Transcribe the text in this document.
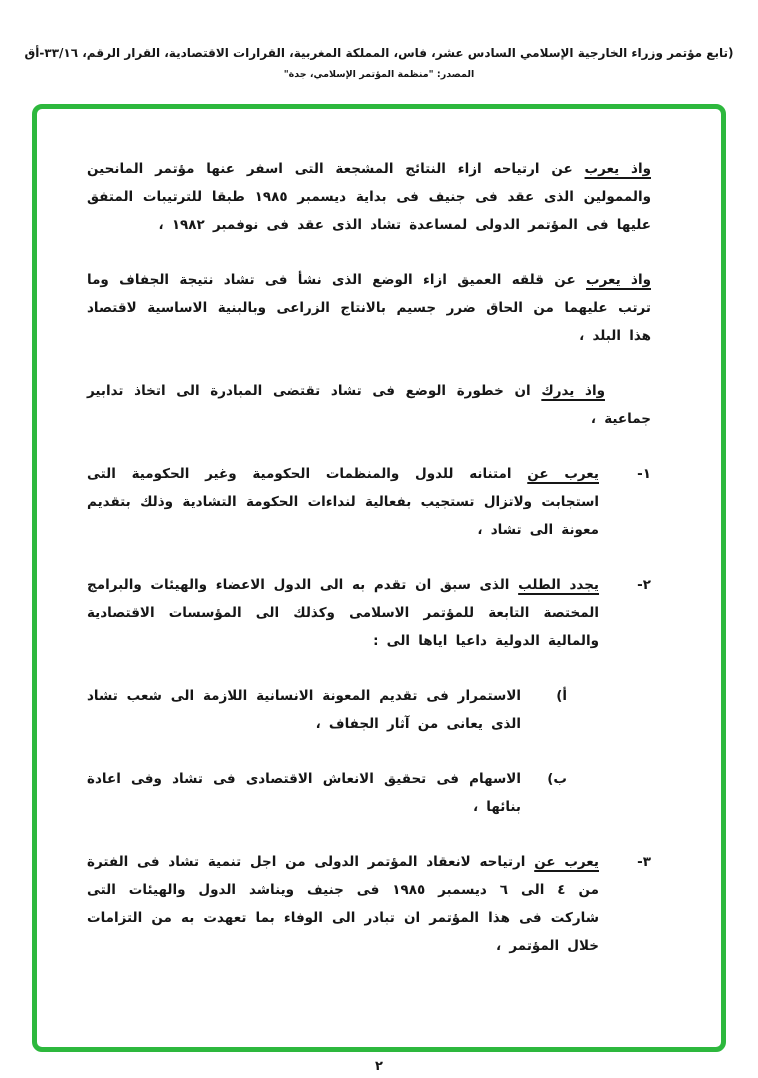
(تابع مؤتمر وزراء الخارجية الإسلامي السادس عشر، فاس، المملكة المغربية، القرارات الاقتصادية، القرار الرقم، ٣٣/١٦-أق
المصدر: "منظمة المؤتمر الإسلامي، جدة"

واذ يعرب عن ارتياحه ازاء النتائج المشجعة التى اسفر عنها مؤتمر المانحين والممولين الذى عقد فى جنيف فى بداية ديسمبر ١٩٨٥ طبقا للترتيبات المتفق عليها فى المؤتمر الدولى لمساعدة تشاد الذى عقد فى نوفمبر ١٩٨٢ ،

واذ يعرب عن قلقه العميق ازاء الوضع الذى نشأ فى تشاد نتيجة الجفاف وما ترتب عليهما من الحاق ضرر جسيم بالانتاج الزراعى وبالبنية الاساسية لاقتصاد هذا البلد ،

واذ يدرك ان خطورة الوضع فى تشاد تقتضى المبادرة الى اتخاذ تدابير جماعية ،

١-

يعرب عن امتنانه للدول والمنظمات الحكومية وغير الحكومية التى استجابت ولاتزال تستجيب بفعالية لنداءات الحكومة التشادية وذلك بتقديم معونة الى تشاد ،

٢-

يجدد الطلب الذى سبق ان تقدم به الى الدول الاعضاء والهيئات والبرامج المختصة التابعة للمؤتمر الاسلامى وكذلك الى المؤسسات الاقتصادية والمالية الدولية داعيا اياها الى :

أ)

الاستمرار فى تقديم المعونة الانسانية اللازمة الى شعب تشاد الذى يعانى من آثار الجفاف ،

ب)

الاسهام فى تحقيق الانعاش الاقتصادى فى تشاد وفى اعادة بنائها ،

٣-

يعرب عن ارتياحه لانعقاد المؤتمر الدولى من اجل تنمية تشاد فى الفترة من ٤ الى ٦ ديسمبر ١٩٨٥ فى جنيف ويناشد الدول والهيئات التى شاركت فى هذا المؤتمر ان تبادر الى الوفاء بما تعهدت به من التزامات خلال المؤتمر ،

٢
